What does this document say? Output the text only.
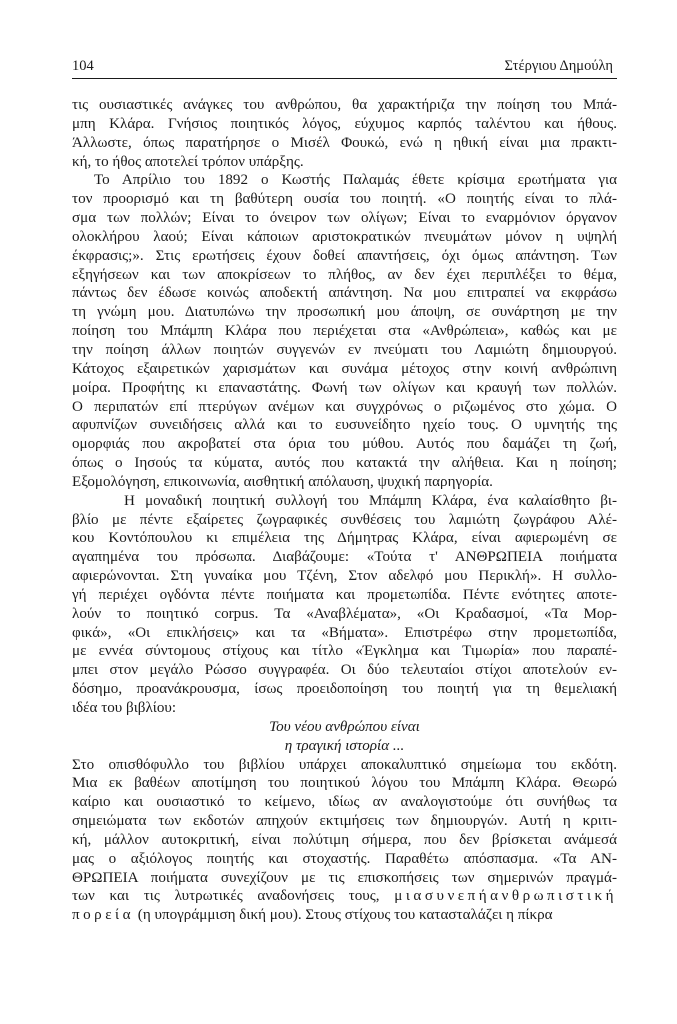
104	Στέργιου Δημούλη
τις ουσιαστικές ανάγκες του ανθρώπου, θα χαρακτήριζα την ποίηση του Μπά-
μπη Κλάρα. Γνήσιος ποιητικός λόγος, εύχυμος καρπός ταλέντου και ήθους.
Άλλωστε, όπως παρατήρησε ο Μισέλ Φουκώ, ενώ η ηθική είναι μια πρακτι-
κή, το ήθος αποτελεί τρόπον υπάρξης.
Το Απρίλιο του 1892 ο Κωστής Παλαμάς έθετε κρίσιμα ερωτήματα για
τον προορισμό και τη βαθύτερη ουσία του ποιητή. «Ο ποιητής είναι το πλά-
σμα των πολλών; Είναι το όνειρον των ολίγων; Είναι το εναρμόνιον όργανον
ολοκλήρου λαού; Είναι κάποιων αριστοκρατικών πνευμάτων μόνον η υψηλή
έκφρασις;». Στις ερωτήσεις έχουν δοθεί απαντήσεις, όχι όμως απάντηση. Των
εξηγήσεων και των αποκρίσεων το πλήθος, αν δεν έχει περιπλέξει το θέμα,
πάντως δεν έδωσε κοινώς αποδεκτή απάντηση. Να μου επιτραπεί να εκφράσω
τη γνώμη μου. Διατυπώνω την προσωπική μου άποψη, σε συνάρτηση με την
ποίηση του Μπάμπη Κλάρα που περιέχεται στα «Ανθρώπεια», καθώς και με
την ποίηση άλλων ποιητών συγγενών εν πνεύματι του Λαμιώτη δημιουργού.
Κάτοχος εξαιρετικών χαρισμάτων και συνάμα μέτοχος στην κοινή ανθρώπινη
μοίρα. Προφήτης κι επαναστάτης. Φωνή των ολίγων και κραυγή των πολλών.
Ο περιπατών επί πτερύγων ανέμων και συγχρόνως ο ριζωμένος στο χώμα. Ο
αφυπνίζων συνειδήσεις αλλά και το ευσυνείδητο ηχείο τους. Ο υμνητής της
ομορφιάς που ακροβατεί στα όρια του μύθου. Αυτός που δαμάζει τη ζωή,
όπως ο Ιησούς τα κύματα, αυτός που κατακτά την αλήθεια. Και η ποίηση;
Εξομολόγηση, επικοινωνία, αισθητική απόλαυση, ψυχική παρηγορία.
Η μοναδική ποιητική συλλογή του Μπάμπη Κλάρα, ένα καλαίσθητο βι-
βλίο με πέντε εξαίρετες ζωγραφικές συνθέσεις του λαμιώτη ζωγράφου Αλέ-
κου Κοντόπουλου κι επιμέλεια της Δήμητρας Κλάρα, είναι αφιερωμένη σε
αγαπημένα του πρόσωπα. Διαβάζουμε: «Τούτα τ' ΑΝΘΡΩΠΕΙΑ ποιήματα
αφιερώνονται. Στη γυναίκα μου Τζένη, Στον αδελφό μου Περικλή». Η συλλο-
γή περιέχει ογδόντα πέντε ποιήματα και προμετωπίδα. Πέντε ενότητες αποτε-
λούν το ποιητικό corpus. Τα «Αναβλέματα», «Οι Κραδασμοί, «Τα Μορ-
φικά», «Οι επικλήσεις» και τα «Βήματα». Επιστρέφω στην προμετωπίδα,
με εννέα σύντομους στίχους και τίτλο «Έγκλημα και Τιμωρία» που παραπέ-
μπει στον μεγάλο Ρώσσο συγγραφέα. Οι δύο τελευταίοι στίχοι αποτελούν εν-
δόσημο, προανάκρουσμα, ίσως προειδοποίηση του ποιητή για τη θεμελιακή
ιδέα του βιβλίου:
Του νέου ανθρώπου είναι
η τραγική ιστορία ...
Στο οπισθόφυλλο του βιβλίου υπάρχει αποκαλυπτικό σημείωμα του εκδότη.
Μια εκ βαθέων αποτίμηση του ποιητικού λόγου του Μπάμπη Κλάρα. Θεωρώ
καίριο και ουσιαστικό το κείμενο, ιδίως αν αναλογιστούμε ότι συνήθως τα
σημειώματα των εκδοτών απηχούν εκτιμήσεις των δημιουργών. Αυτή η κριτι-
κή, μάλλον αυτοκριτική, είναι πολύτιμη σήμερα, που δεν βρίσκεται ανάμεσά
μας ο αξιόλογος ποιητής και στοχαστής. Παραθέτω απόσπασμα. «Τα ΑΝ-
ΘΡΩΠΕΙΑ ποιήματα συνεχίζουν με τις επισκοπήσεις των σημερινών πραγμά-
των και τις λυτρωτικές αναδονήσεις τους, μιασυνεπήανθρωπιστική
πορεία (η υπογράμμιση δική μου). Στους στίχους του κατασταλάζει η πίκρα
